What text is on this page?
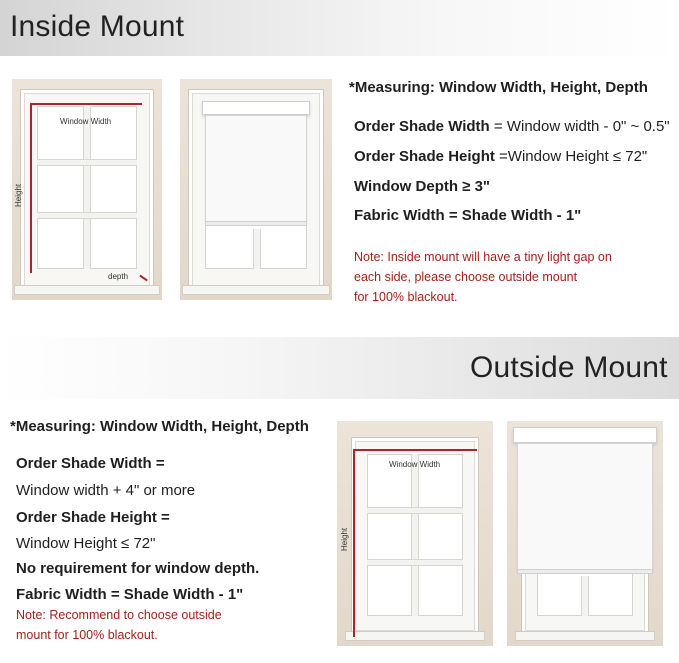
Inside Mount
Window Width
Height
depth
*Measuring: Window Width, Height, Depth
Order Shade Width = Window width - 0" ~ 0.5"
Order Shade Height =Window Height ≤ 72"
Window Depth ≥ 3"
Fabric Width = Shade Width - 1"
Note: Inside mount will have a tiny light gap on
each side, please choose outside mount
for 100% blackout.
Outside Mount
*Measuring: Window Width, Height, Depth
Order Shade Width =
Window width + 4" or more
Order Shade Height =
Window Height ≤ 72"
No requirement for window depth.
Fabric Width = Shade Width - 1"
Note: Recommend to choose outside
mount for 100% blackout.
Window Width
Height
